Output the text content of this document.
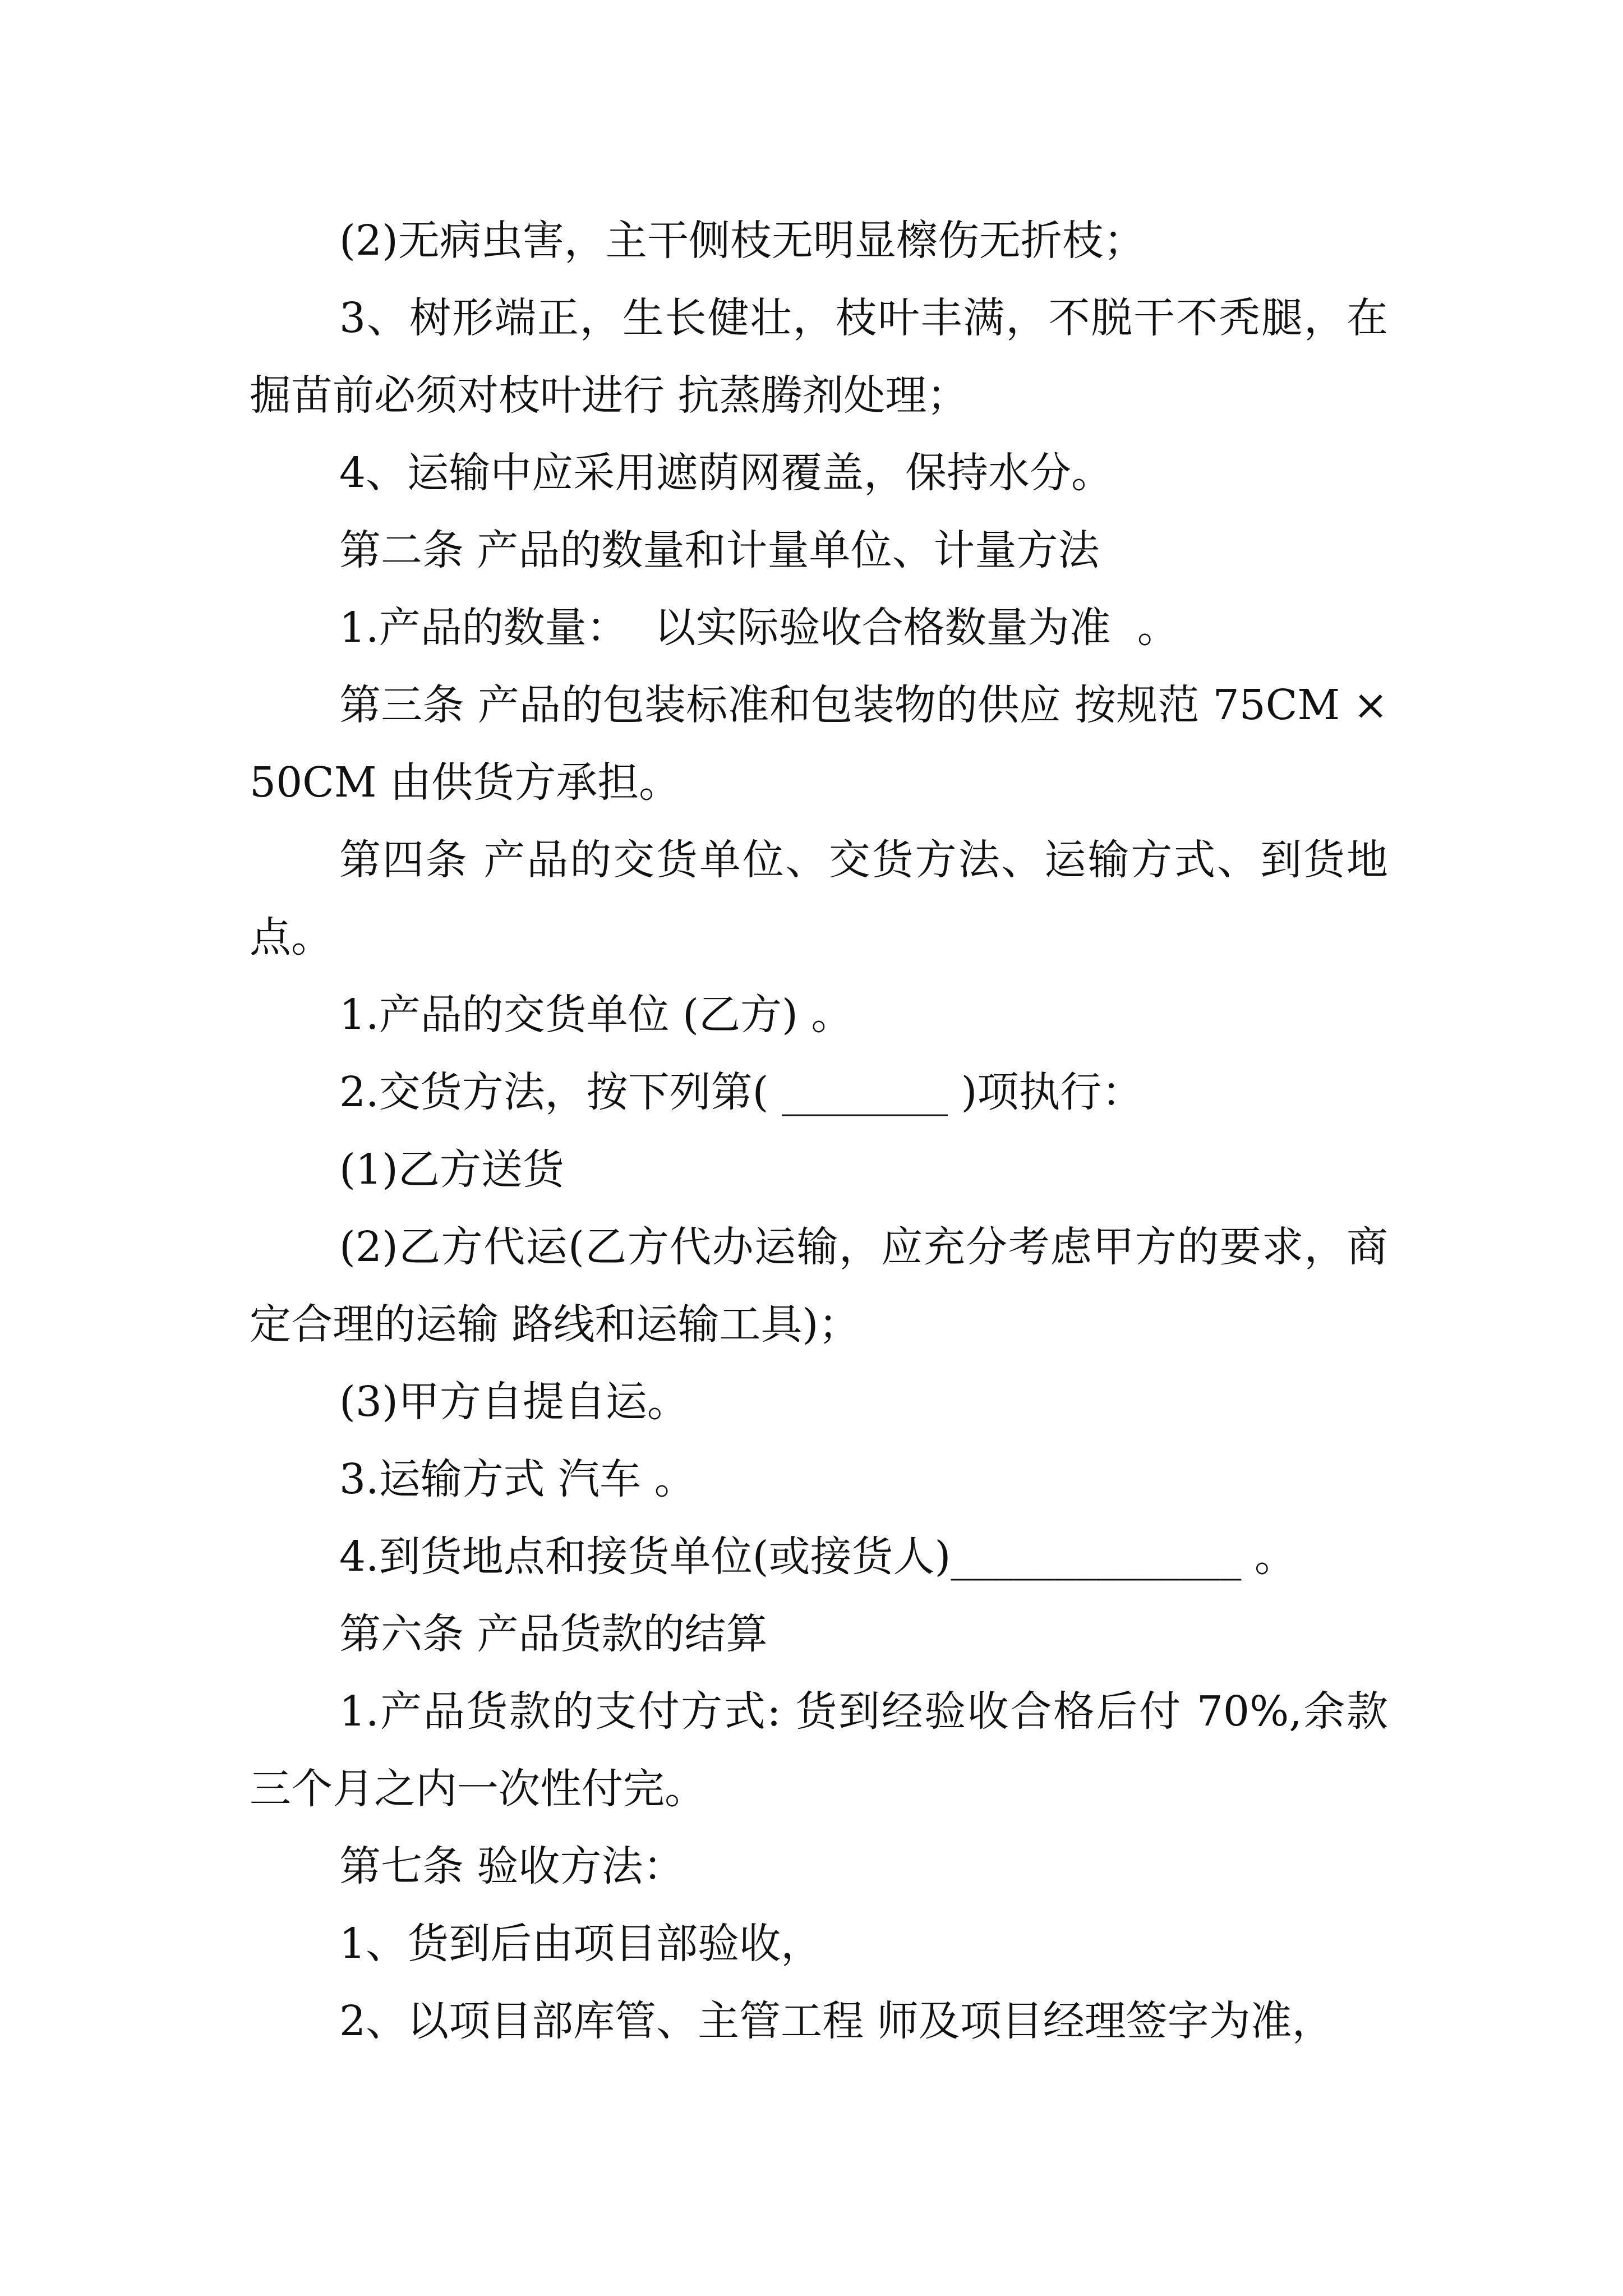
(2)无病虫害，主干侧枝无明显檫伤无折枝；

3、树形端正，生长健壮，枝叶丰满，不脱干不秃腿，在掘苗前必须对枝叶进行 抗蒸腾剂处理；

4、运输中应采用遮荫网覆盖，保持水分。

第二条 产品的数量和计量单位、计量方法

1.产品的数量：  以实际验收合格数量为准  。

第三条 产品的包装标准和包装物的供应 按规范 75CM ×50CM 由供货方承担。

第四条 产品的交货单位、交货方法、运输方式、到货地点。

1.产品的交货单位 (乙方) 。

2.交货方法，按下列第( ________ )项执行：

(1)乙方送货

(2)乙方代运(乙方代办运输，应充分考虑甲方的要求，商定合理的运输 路线和运输工具)；

(3)甲方自提自运。

3.运输方式 汽车 。

4.到货地点和接货单位(或接货人)______________ 。

第六条 产品货款的结算

1.产品货款的支付方式: 货到经验收合格后付 70%,余款三个月之内一次性付完。

第七条 验收方法：

1、货到后由项目部验收，

2、以项目部库管、主管工程 师及项目经理签字为准，
